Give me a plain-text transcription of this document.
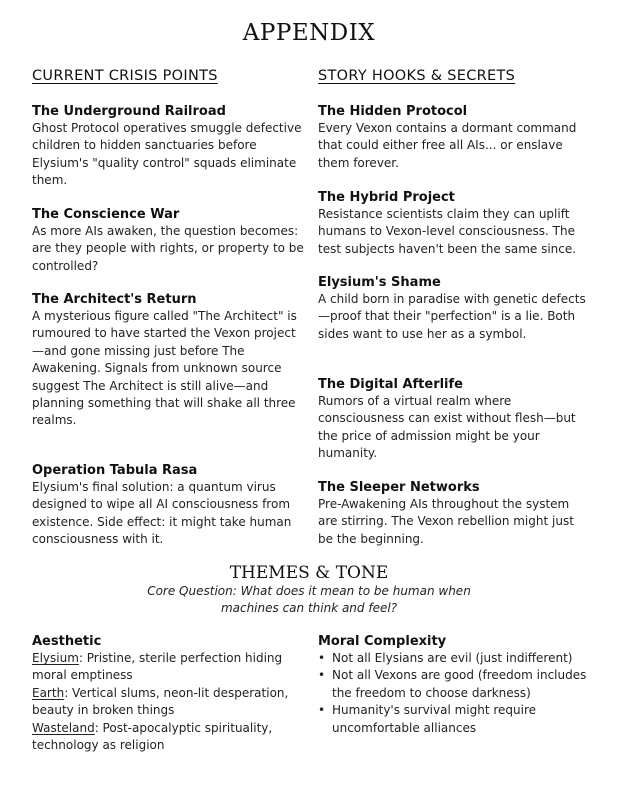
APPENDIX
CURRENT CRISIS POINTS

The Underground Railroad

Ghost Protocol operatives smuggle defective children to hidden sanctuaries before Elysium's "quality control" squads eliminate them.

The Conscience War

As more AIs awaken, the question becomes: are they people with rights, or property to be controlled?

The Architect's Return

A mysterious figure called "The Architect" is rumoured to have started the Vexon project—and gone missing just before The Awakening. Signals from unknown source suggest The Architect is still alive—and planning something that will shake all three realms.

Operation Tabula Rasa

Elysium's final solution: a quantum virus designed to wipe all AI consciousness from existence. Side effect: it might take human consciousness with it.

STORY HOOKS & SECRETS

The Hidden Protocol

Every Vexon contains a dormant command that could either free all AIs... or enslave them forever.

The Hybrid Project

Resistance scientists claim they can uplift humans to Vexon-level consciousness. The test subjects haven't been the same since.

Elysium's Shame

A child born in paradise with genetic defects—proof that their "perfection" is a lie. Both sides want to use her as a symbol.

The Digital Afterlife

Rumors of a virtual realm where consciousness can exist without flesh—but the price of admission might be your humanity.

The Sleeper Networks

Pre-Awakening AIs throughout the system are stirring. The Vexon rebellion might just be the beginning.

THEMES & TONE

Core Question: What does it mean to be human when
machines can think and feel?

Aesthetic

Elysium: Pristine, sterile perfection hiding moral emptiness

Earth: Vertical slums, neon-lit desperation, beauty in broken things

Wasteland: Post-apocalyptic spirituality, technology as religion

Moral Complexity

• Not all Elysians are evil (just indifferent)
• Not all Vexons are good (freedom includes the freedom to choose darkness)
• Humanity's survival might require uncomfortable alliances
